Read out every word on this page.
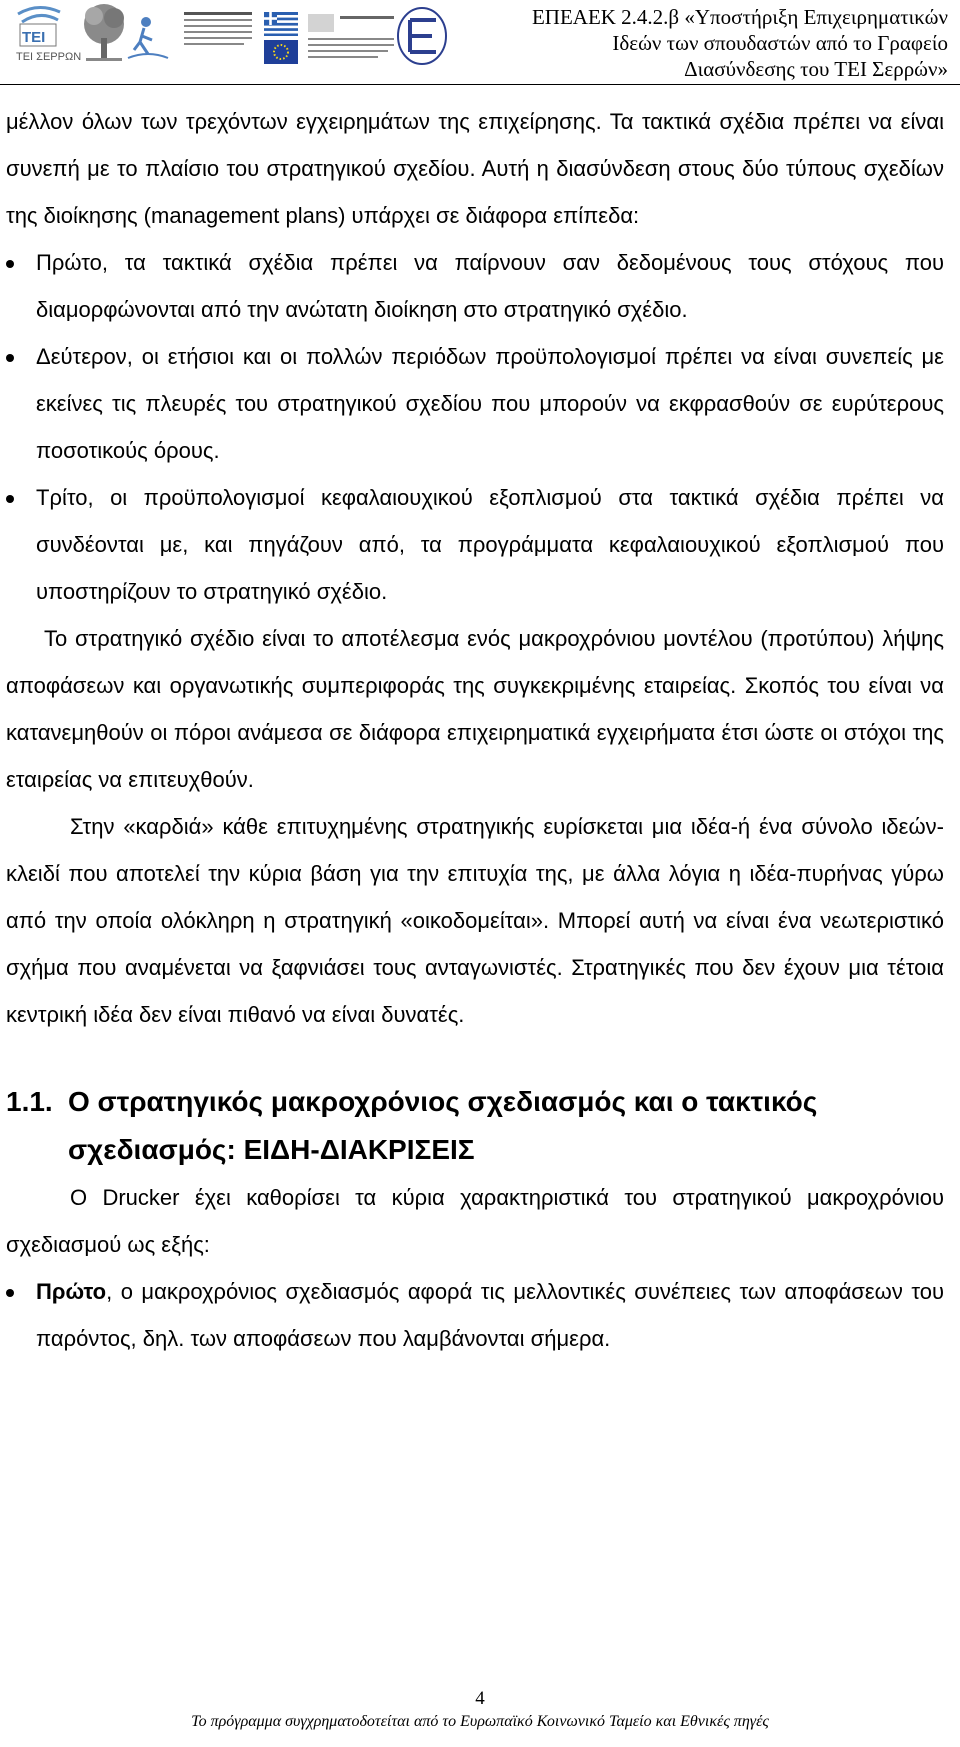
ΤΕΙ
ΤΕΙ ΣΕΡΡΩΝ
ΕΠΕΑΕΚ 2.4.2.β «Υποστήριξη Επιχειρηματικών
Ιδεών των σπουδαστών από το Γραφείο
Διασύνδεσης του ΤΕΙ Σερρών»

μέλλον όλων των τρεχόντων εγχειρημάτων της επιχείρησης. Τα τακτικά σχέδια πρέπει να είναι συνεπή με το πλαίσιο του στρατηγικού σχεδίου. Αυτή η διασύνδεση στους δύο τύπους σχεδίων της διοίκησης (management plans) υπάρχει σε διάφορα επίπεδα:

Πρώτο, τα τακτικά σχέδια πρέπει να παίρνουν σαν δεδομένους τους στόχους που διαμορφώνονται από την ανώτατη διοίκηση στο στρατηγικό σχέδιο.
Δεύτερον, οι ετήσιοι και οι πολλών περιόδων προϋπολογισμοί πρέπει να είναι συνεπείς με εκείνες τις πλευρές του στρατηγικού σχεδίου που μπορούν να εκφρασθούν σε ευρύτερους ποσοτικούς όρους.
Τρίτο, οι προϋπολογισμοί κεφαλαιουχικού εξοπλισμού στα τακτικά σχέδια πρέπει να συνδέονται με, και πηγάζουν από, τα προγράμματα κεφαλαιουχικού εξοπλισμού που υποστηρίζουν το στρατηγικό σχέδιο.

Το στρατηγικό σχέδιο είναι το αποτέλεσμα ενός μακροχρόνιου μοντέλου (προτύπου) λήψης αποφάσεων και οργανωτικής συμπεριφοράς της συγκεκριμένης εταιρείας. Σκοπός του είναι να κατανεμηθούν οι πόροι ανάμεσα σε διάφορα επιχειρηματικά εγχειρήματα έτσι ώστε οι στόχοι της εταιρείας να επιτευχθούν.

Στην «καρδιά» κάθε επιτυχημένης στρατηγικής ευρίσκεται μια ιδέα-ή ένα σύνολο ιδεών- κλειδί που αποτελεί την κύρια βάση για την επιτυχία της, με άλλα λόγια η ιδέα-πυρήνας γύρω από την οποία ολόκληρη η στρατηγική «οικοδομείται». Μπορεί αυτή να είναι ένα νεωτεριστικό σχήμα που αναμένεται να ξαφνιάσει τους ανταγωνιστές. Στρατηγικές που δεν έχουν μια τέτοια κεντρική ιδέα δεν είναι πιθανό να είναι δυνατές.

1.1. Ο στρατηγικός μακροχρόνιος σχεδιασμός και ο τακτικός
σχεδιασμός: ΕΙΔΗ-ΔΙΑΚΡΙΣΕΙΣ

Ο Drucker έχει καθορίσει τα κύρια χαρακτηριστικά του στρατηγικού μακροχρόνιου σχεδιασμού ως εξής:

Πρώτο, ο μακροχρόνιος σχεδιασμός αφορά τις μελλοντικές συνέπειες των αποφάσεων του παρόντος, δηλ. των αποφάσεων που λαμβάνονται σήμερα.
4
Το πρόγραμμα συγχρηματοδοτείται από το Ευρωπαϊκό Κοινωνικό Ταμείο και Εθνικές πηγές
